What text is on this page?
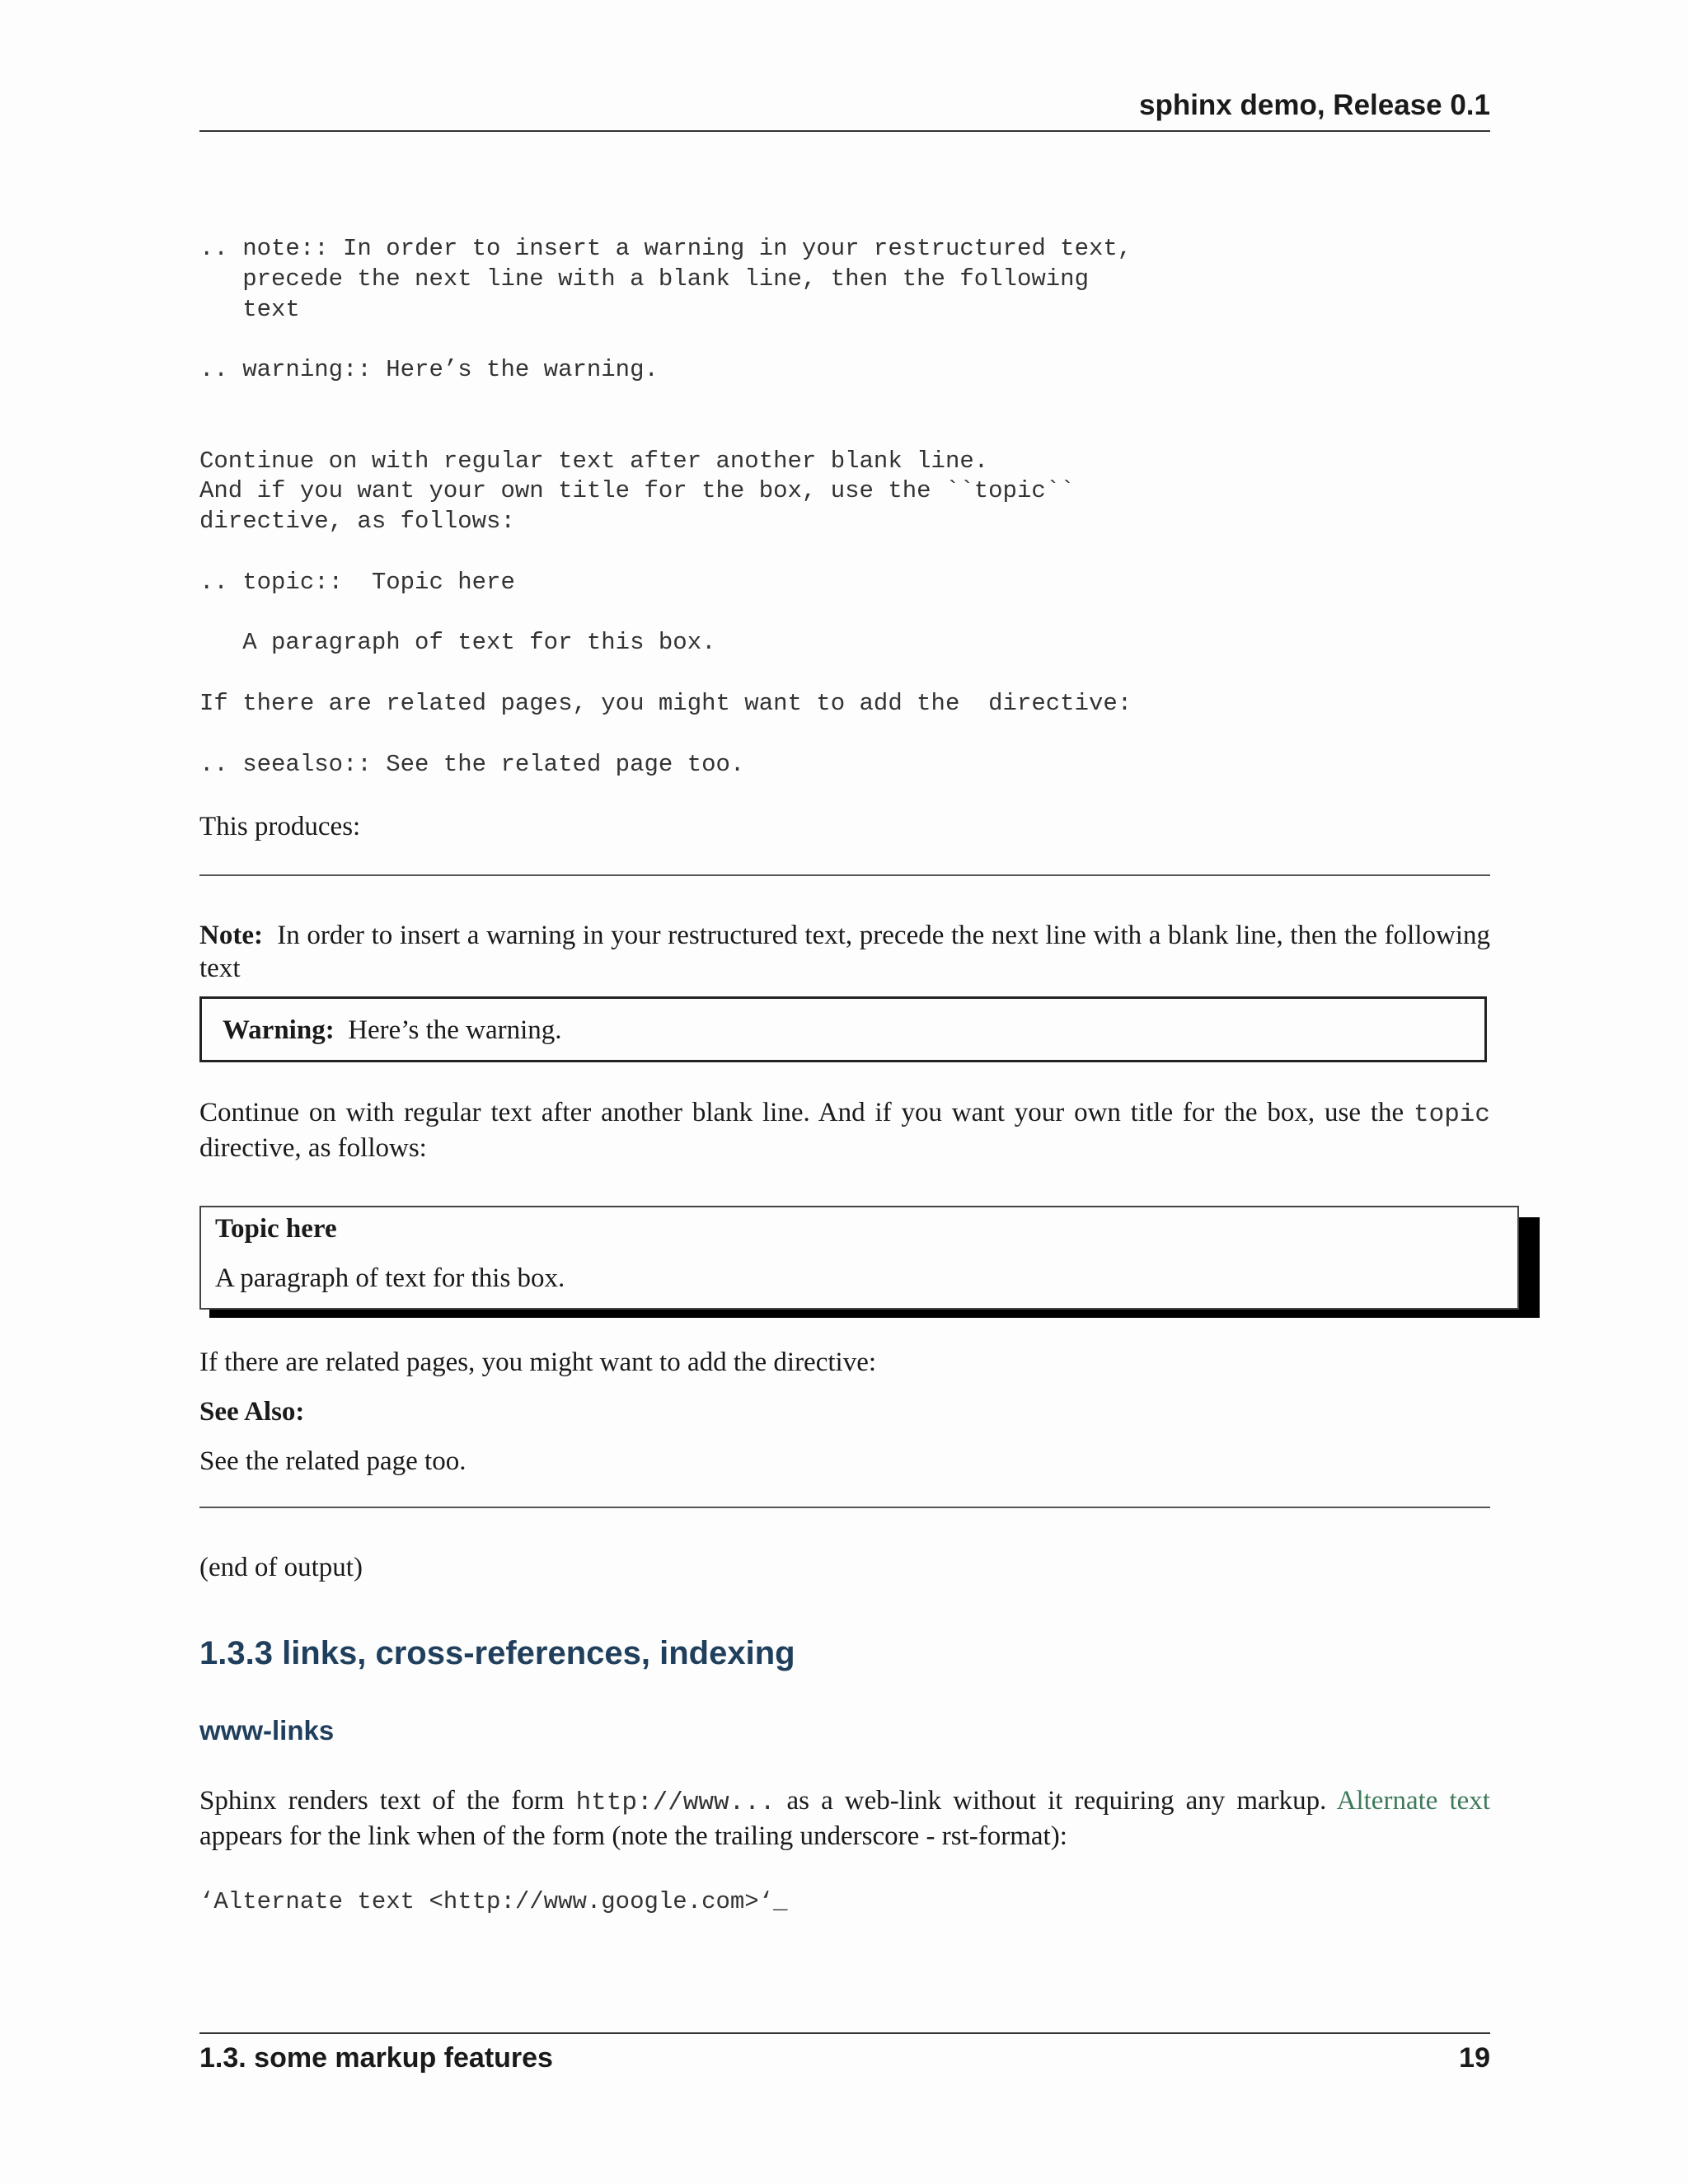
sphinx demo, Release 0.1
.. note:: In order to insert a warning in your restructured text,
precede the next line with a blank line, then the following
text

.. warning:: Here’s the warning.

Continue on with regular text after another blank line.
And if you want your own title for the box, use the ``topic``
directive, as follows:

.. topic::  Topic here

A paragraph of text for this box.

If there are related pages, you might want to add the  directive:

.. seealso:: See the related page too.

This produces:

Note: In order to insert a warning in your restructured text, precede the next line with a blank line, then the following text

Warning: Here’s the warning.

Continue on with regular text after another blank line. And if you want your own title for the box, use the topic directive, as follows:

Topic here
A paragraph of text for this box.

If there are related pages, you might want to add the directive:

See Also:

See the related page too.

(end of output)

1.3.3 links, cross-references, indexing
www-links

Sphinx renders text of the form http://www... as a web-link without it requiring any markup. Alternate text appears for the link when of the form (note the trailing underscore - rst-format):

‘Alternate text <http://www.google.com>‘_
1.3. some markup features	19
